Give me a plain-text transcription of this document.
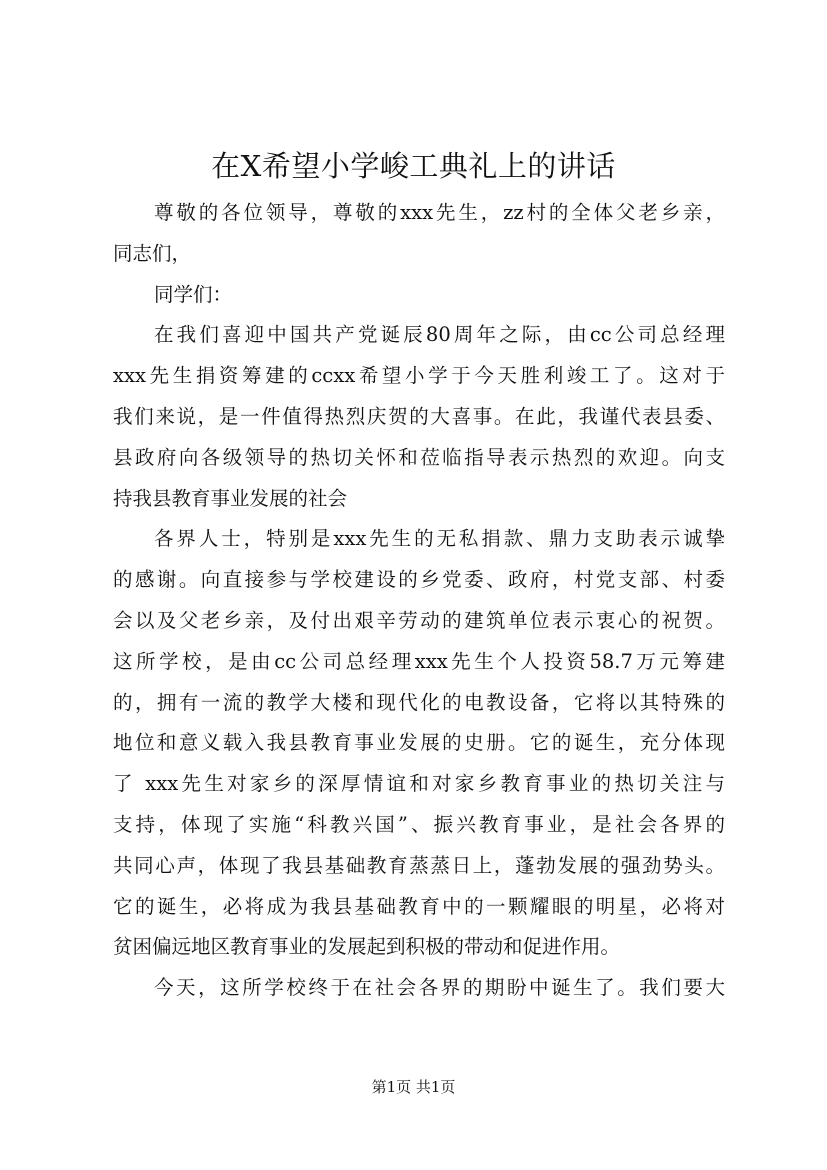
在X希望小学峻工典礼上的讲话
尊敬的各位领导，尊敬的xxx先生，zz村的全体父老乡亲，
同志们，
同学们：
在我们喜迎中国共产党诞辰80周年之际，由cc公司总经理
xxx先生捐资筹建的ccxx希望小学于今天胜利竣工了。这对于
我们来说，是一件值得热烈庆贺的大喜事。在此，我谨代表县委、
县政府向各级领导的热切关怀和莅临指导表示热烈的欢迎。向支
持我县教育事业发展的社会
各界人士，特别是xxx先生的无私捐款、鼎力支助表示诚挚
的感谢。向直接参与学校建设的乡党委、政府，村党支部、村委
会以及父老乡亲，及付出艰辛劳动的建筑单位表示衷心的祝贺。
这所学校，是由cc公司总经理xxx先生个人投资58.7万元筹建
的，拥有一流的教学大楼和现代化的电教设备，它将以其特殊的
地位和意义载入我县教育事业发展的史册。它的诞生，充分体现
了 xxx先生对家乡的深厚情谊和对家乡教育事业的热切关注与
支持，体现了实施“科教兴国”、振兴教育事业，是社会各界的
共同心声，体现了我县基础教育蒸蒸日上，蓬勃发展的强劲势头。
它的诞生，必将成为我县基础教育中的一颗耀眼的明星，必将对
贫困偏远地区教育事业的发展起到积极的带动和促进作用。
今天，这所学校终于在社会各界的期盼中诞生了。我们要大
第1页 共1页
